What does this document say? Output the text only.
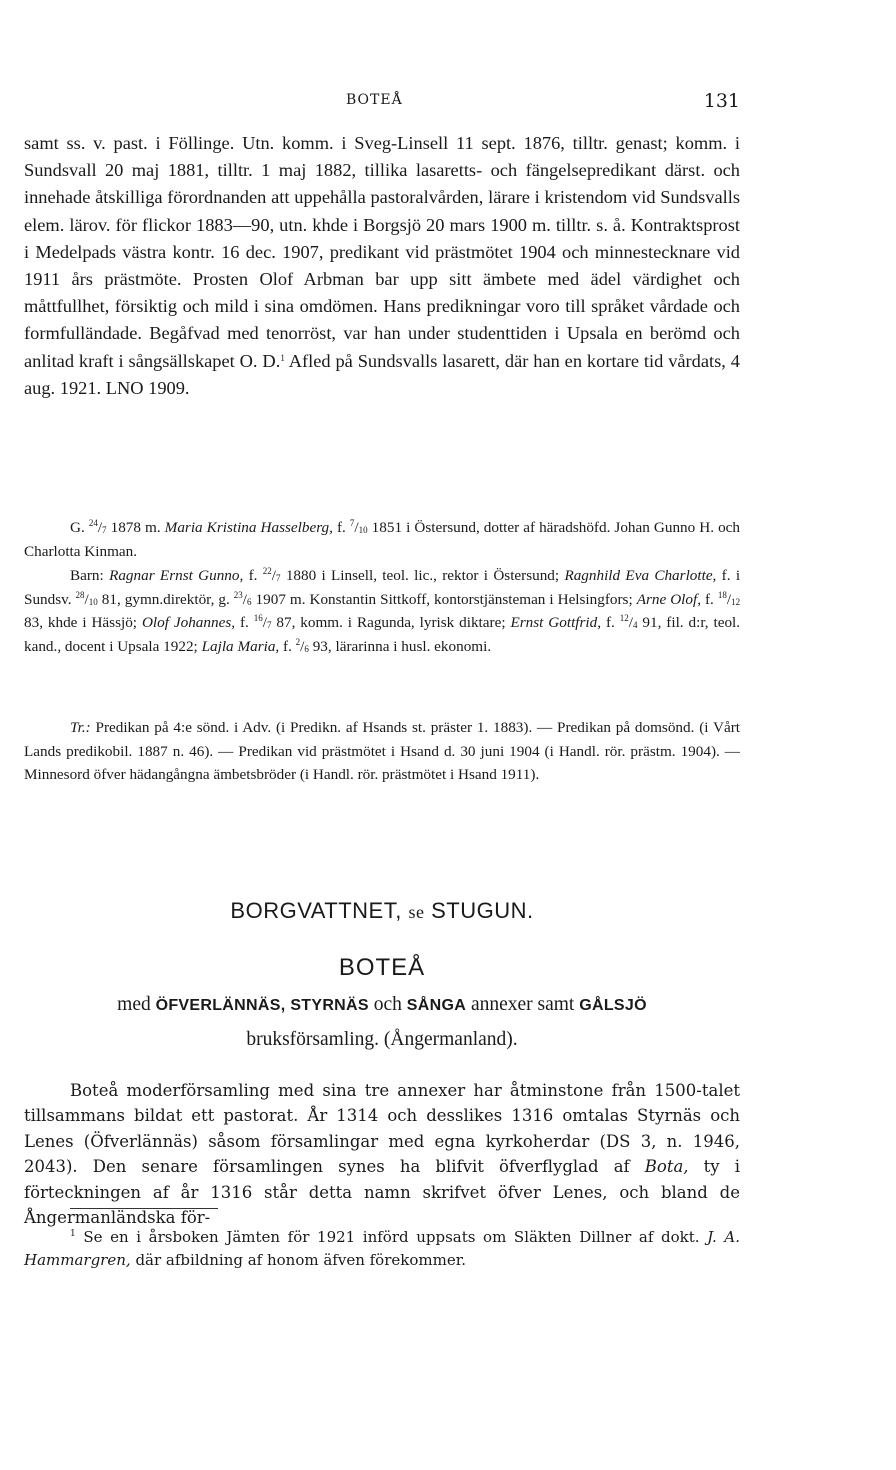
BOTEÅ	131
samt ss. v. past. i Föllinge. Utn. komm. i Sveg-Linsell 11 sept. 1876, tilltr. genast; komm. i Sundsvall 20 maj 1881, tilltr. 1 maj 1882, tillika lasaretts- och fängelsepredikant därst. och innehade åtskilliga förordnanden att uppehålla pastoralvården, lärare i kristendom vid Sundsvalls elem. lärov. för flickor 1883—90, utn. khde i Borgsjö 20 mars 1900 m. tilltr. s. å. Kontraktsprost i Medelpads västra kontr. 16 dec. 1907, predikant vid prästmötet 1904 och minnestecknare vid 1911 års prästmöte. Prosten Olof Arbman bar upp sitt ämbete med ädel värdighet och måttfullhet, försiktig och mild i sina omdömen. Hans predikningar voro till språket vårdade och formfulländade. Begåfvad med tenorröst, var han under studenttiden i Upsala en berömd och anlitad kraft i sångsällskapet O. D.$^1$ Afled på Sundsvalls lasarett, där han en kortare tid vårdats, 4 aug. 1921. LNO 1909.

G. $^{24}/_7$ 1878 m. Maria Kristina Hasselberg, f. $^7/_{10}$ 1851 i Östersund, dotter af häradshöfd. Johan Gunno H. och Charlotta Kinman.

Barn: Ragnar Ernst Gunno, f. $^{22}/_7$ 1880 i Linsell, teol. lic., rektor i Östersund; Ragnhild Eva Charlotte, f. i Sundsv. $^{28}/_{10}$ 81, gymn.direktör, g. $^{23}/_6$ 1907 m. Konstantin Sittkoff, kontorstjänsteman i Helsingfors; Arne Olof, f. $^{18}/_{12}$ 83, khde i Hässjö; Olof Johannes, f. $^{16}/_7$ 87, komm. i Ragunda, lyrisk diktare; Ernst Gottfrid, f. $^{12}/_4$ 91, fil. d:r, teol. kand., docent i Upsala 1922; Lajla Maria, f. $^2/_6$ 93, lärarinna i husl. ekonomi.

Tr.: Predikan på 4:e sönd. i Adv. (i Predikn. af Hsands st. präster 1. 1883). — Predikan på domsönd. (i Vårt Lands predikobil. 1887 n. 46). — Predikan vid prästmötet i Hsand d. 30 juni 1904 (i Handl. rör. prästm. 1904). — Minnesord öfver hädangångna ämbetsbröder (i Handl. rör. prästmötet i Hsand 1911).

BORGVATTNET, se STUGUN.
BOTEÅ
med ÖFVERLÄNNÄS, STYRNÄS och SÅNGA annexer samt GÅLSJÖ
bruksförsamling. (Ångermanland).

Boteå moderförsamling med sina tre annexer har åtminstone från 1500-talet tillsammans bildat ett pastorat. År 1314 och desslikes 1316 omtalas Styrnäs och Lenes (Öfverlännäs) såsom församlingar med egna kyrkoherdar (DS 3, n. 1946, 2043). Den senare församlingen synes ha blifvit öfverflyglad af Bota, ty i förteckningen af år 1316 står detta namn skrifvet öfver Lenes, och bland de Ångermanländska för-

$^1$ Se en i årsboken Jämten för 1921 införd uppsats om Släkten Dillner af dokt. J. A. Hammargren, där afbildning af honom äfven förekommer.
